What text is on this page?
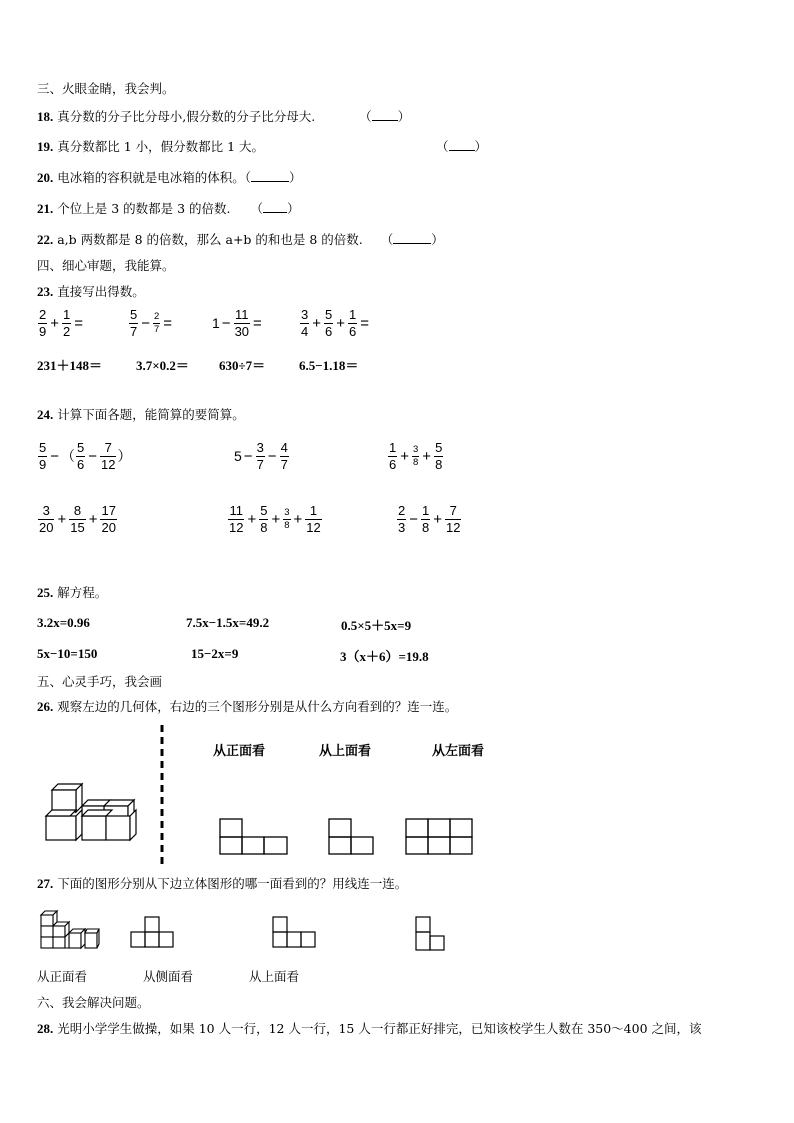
三、火眼金睛，我会判。
18. 真分数的分子比分母小,假分数的分子比分母大.	（ ）
19. 真分数都比 1 小，假分数都比 1 大。	（ ）
20. 电冰箱的容积就是电冰箱的体积。（	）
21. 个位上是 3 的数都是 3 的倍数. （ ）
22. a,b 两数都是 8 的倍数，那么 a+b 的和也是 8 的倍数. （	）
四、细心审题，我能算。
23. 直接写出得数。
$\frac{2}{9} + \frac{1}{2}$ =	$\frac{5}{7} - \frac{2}{7}$ =	$1 - \frac{11}{30}$ =	$\frac{3}{4} + \frac{5}{6} + \frac{1}{6}$ =
231＋148＝	3.7×0.2＝ 630÷7＝	6.5−1.18＝
24. 计算下面各题，能简算的要简算。
$\frac{5}{9}$ − （ $\frac{5}{6} - \frac{7}{12}$ ）	$5 - \frac{3}{7} - \frac{4}{7}$	$\frac{1}{6} + \frac{3}{8} + \frac{5}{8}$
$\frac{3}{20} + \frac{8}{15} + \frac{17}{20}$	$\frac{11}{12} + \frac{5}{8} + \frac{3}{8} + \frac{1}{12}$	$\frac{2}{3} - \frac{1}{8} + \frac{7}{12}$
25. 解方程。
3.2x=0.96	7.5x−1.5x=49.2	0.5×5＋5x=9
5x−10=150	15−2x=9	3（x＋6）=19.8
五、心灵手巧，我会画
26. 观察左边的几何体，右边的三个图形分别是从什么方向看到的？连一连。
从正面看	从上面看	从左面看
27. 下面的图形分别从下边立体图形的哪一面看到的？用线连一连。
从正面看	从侧面看	从上面看
六、我会解决问题。
28. 光明小学学生做操，如果 10 人一行，12 人一行，15 人一行都正好排完，已知该校学生人数在 350～400 之间，该
